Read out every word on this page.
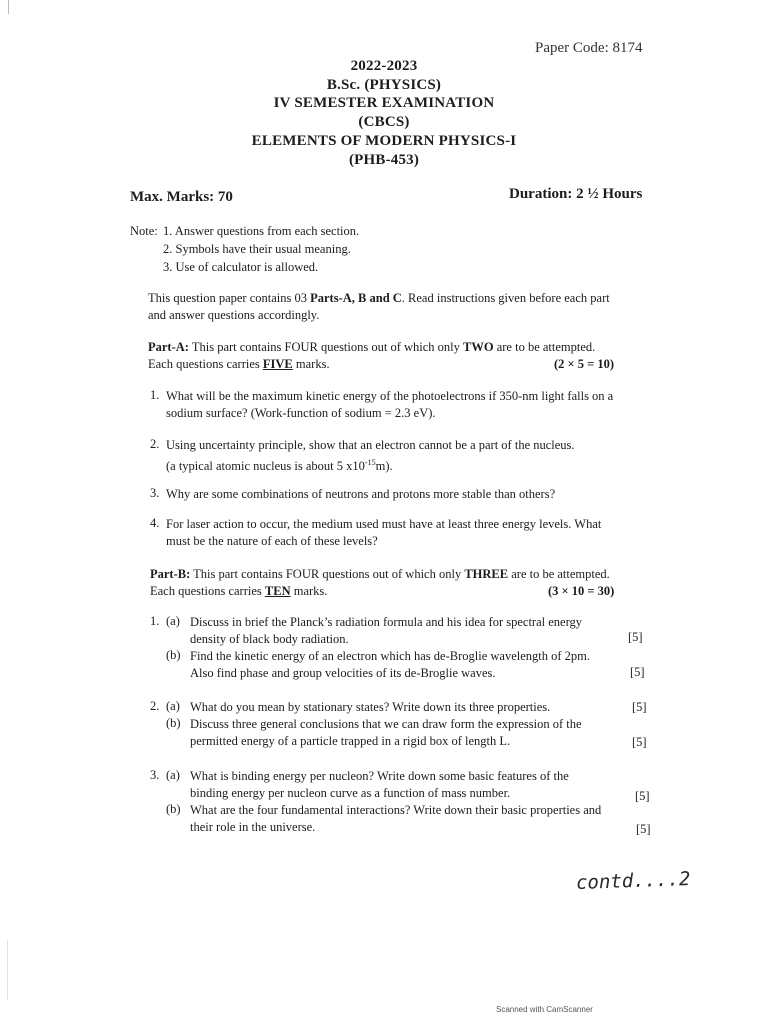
Paper Code: 8174
2022-2023
B.Sc. (PHYSICS)
IV SEMESTER EXAMINATION
(CBCS)
ELEMENTS OF MODERN PHYSICS-I
(PHB-453)
Max. Marks: 70	Duration: 2 ½ Hours
Note: 1. Answer questions from each section.
2. Symbols have their usual meaning.
3. Use of calculator is allowed.
This question paper contains 03 Parts-A, B and C. Read instructions given before each part
and answer questions accordingly.
Part-A: This part contains FOUR questions out of which only TWO are to be attempted.
Each questions carries FIVE marks.	(2 × 5 = 10)
1. What will be the maximum kinetic energy of the photoelectrons if 350-nm light falls on a
sodium surface? (Work-function of sodium = 2.3 eV).
2. Using uncertainty principle, show that an electron cannot be a part of the nucleus.
(a typical atomic nucleus is about 5 $x10^{-15}m$).
3. Why are some combinations of neutrons and protons more stable than others?
4. For laser action to occur, the medium used must have at least three energy levels. What
must be the nature of each of these levels?
Part-B: This part contains FOUR questions out of which only THREE are to be attempted.
Each questions carries TEN marks.	(3 × 10 = 30)
1. (a) Discuss in brief the Planck’s radiation formula and his idea for spectral energy
density of black body radiation.	[5]
(b) Find the kinetic energy of an electron which has de-Broglie wavelength of 2pm.
Also find phase and group velocities of its de-Broglie waves.	[5]
2. (a) What do you mean by stationary states? Write down its three properties.	[5]
(b) Discuss three general conclusions that we can draw form the expression of the
permitted energy of a particle trapped in a rigid box of length L.	[5]
3. (a) What is binding energy per nucleon? Write down some basic features of the
binding energy per nucleon curve as a function of mass number.	[5]
(b) What are the four fundamental interactions? Write down their basic properties and
their role in the universe.	[5]
contd....2
Scanned with CamScanner
